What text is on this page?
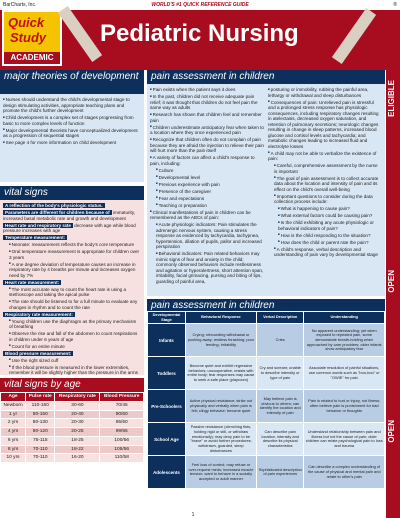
BarCharts, Inc.	WORLD'S #1 QUICK REFERENCE GUIDE	®
Quick
Study
ACADEMIC
Pediatric Nursing
ELIGIBLE
OPEN
OPEN
major theories of development
■ Nurses should understand the child's developmental stage to design stimulating activities, appropriate teaching plans and promote the child's further development
■ Child development is a complex set of stages progressing from basic to more complex levels of function
■ Major developmental theorists have conceptualized development as a progression of sequential stages
■ See page 4 for more information on child development
vital signs

A reflection of the body's physiologic status.

Parameters are different for children because of immaturity, increased basal metabolic rate and growth and development

Heart rate and respiratory rate decrease with age while blood pressure increases with age

Temperature measurement:

■ Neonate: measurement reflects the body's core temperature
■ Oral temperature measurement is appropriate for children over 3 years
■ A one degree deviation of temperature causes an increase in respiratory rate by 4 breaths per minute and increases oxygen need by 7%

Heart rate measurement:

■ The most accurate way to count the heart rate is using a stethoscope and taking the apical pulse
■ The rate should be listened to for a full minute to evaluate any changes in rhythm and to count the rate

Respiratory rate measurement:

■ Young children use the diaphragm as the primary mechanism of breathing
■ Observe the rise and fall of the abdomen to count respirations in children under 6 years of age
■ Count for an entire minute

Blood pressure measurement:

■ Use the right sized cuff
■ If the blood pressure is measured in the lower extremities, remember it will be slightly higher than the pressure in the arms
vital signs by age
Age	Pulse rate	Respiratory rate	Blood Pressure
Newborn	110-160	30-60	70/45
1 yr	80-150	20-40	90/60
2 yrs	80-130	20-30	95/60
4 yrs	80-120	20-25	99/65
6 yrs	75-115	18-25	100/56
8 yrs	70-110	18-22	105/56
10 yrs	70-110	16-20	110/58
pain assessment in children
■ Pain exists when the patient says it does
■ In the past, children did not receive adequate pain relief; it was thought that children do not feel pain the same way as adults
■ Research has shown that children feel and remember pain
■ Children underestimate anticipatory fear when taken to a location where they once experienced pain
■ Recognize that children often do not complain of pain because they are afraid the injection to relieve their pain will hurt more than the pain itself
■ A variety of factors can affect a child's response to pain, including:
■ Culture
■ Developmental level
■ Previous experience with pain
■ Presence of the caregiver
■ Fear and expectations
■ Teaching or preparation
■ Clinical manifestations of pain in children can be remembered as the ABCs of pain:
■ Acute physiologic indicators: Pain stimulates the adrenergic nervous system, causing a stress response as evidenced by tachycardia, tachypnea, hypertension, dilation of pupils, pallor and increased perspiration
■ Behavioral indicators: Pain related behaviors may mimic signs of fear and anxiety in the child; commonly observed behaviors include restlessness and agitation or hyperalertness, short attention span, irritability, facial grimacing, pursing and biting of lips, guarding of painful area,
■ posturing or immobility, rubbing the painful area, lethargy or withdrawal and sleep disturbances
■ Consequences of pain: Unrelieved pain is stressful and a prolonged stress response has physiologic consequences, including respiratory changes resulting in atelectasis, decreased oxygen saturation, and retention of pulmonary secretions; neurologic changes resulting in change in sleep patterns, increased blood glucose and cortisol levels and tachycardia; and metabolic changes leading to increased fluid and electrolyte losses
■ A child may not be able to verbalize the existence of pain:
■ Careful, comprehensive assessment by the nurse is important
■ The goal of pain assessment is to collect accurate data about the location and intensity of pain and its effect on the child's overall well-being
■ Important questions to consider during the data collection process include:
■ What is happening to cause pain?
■ What external factors could be causing pain?
■ Is the child exhibiting any acute physiologic or behavioral indicators of pain?
■ How is the child responding to the situation?
■ How does the child or parent rate the pain?
■ A child's response, verbal description and understanding of pain vary by developmental stage
pain assessment in children
Developmental Stage	Behavioral Response	Verbal Description	Understanding
Infants	Crying; rebounding withdrawal or pushing away; restless thrashing; poor feeding; irritability	Cries	No apparent understanding; yet when exposed to repeated pain, some demonstrate breath-holding when approached by care providers; older infants show anticipatory fear
Toddlers	Become quiet and exhibit regressive behaviors; uncooperative, resists with entire body; fear responses may cause to seek a safe place (playroom)	Cry and scream; unable to describe intensity or type of pain	Associate resolution of painful situations, use common words such as "boo-boo" or "OWIE" for pain
Pre-Schoolers	Active physical resistance; strike out physically and verbally when pain is felt; clingy behavior; become quiet	May believe pain is obvious to others; can identify the location and intensity of pain	Pain is related to hurt or injury, not illness; often believe pain is punishment for bad behavior or thoughts
School Age	Passive resistance (clenching fists, holding rigid or still, or withdraw emotionally); may deny pain to be "brave" or avoid further procedures; withdrawn, guarded, sleep disturbances	Can describe pain location, intensity and describe its physical characteristics	Understand relationship between pain and illness but not the cause of pain; older children can relate psychological pain to loss and trauma
Adolescents	Feel loss of control; may refuse or over-request meds; increased muscle tension; want to behave in a socially accepted or adult manner	Sophisticated description of pain experiences	Can describe a complex understanding of the cause of physical and mental pain and relate to other's pain
1
